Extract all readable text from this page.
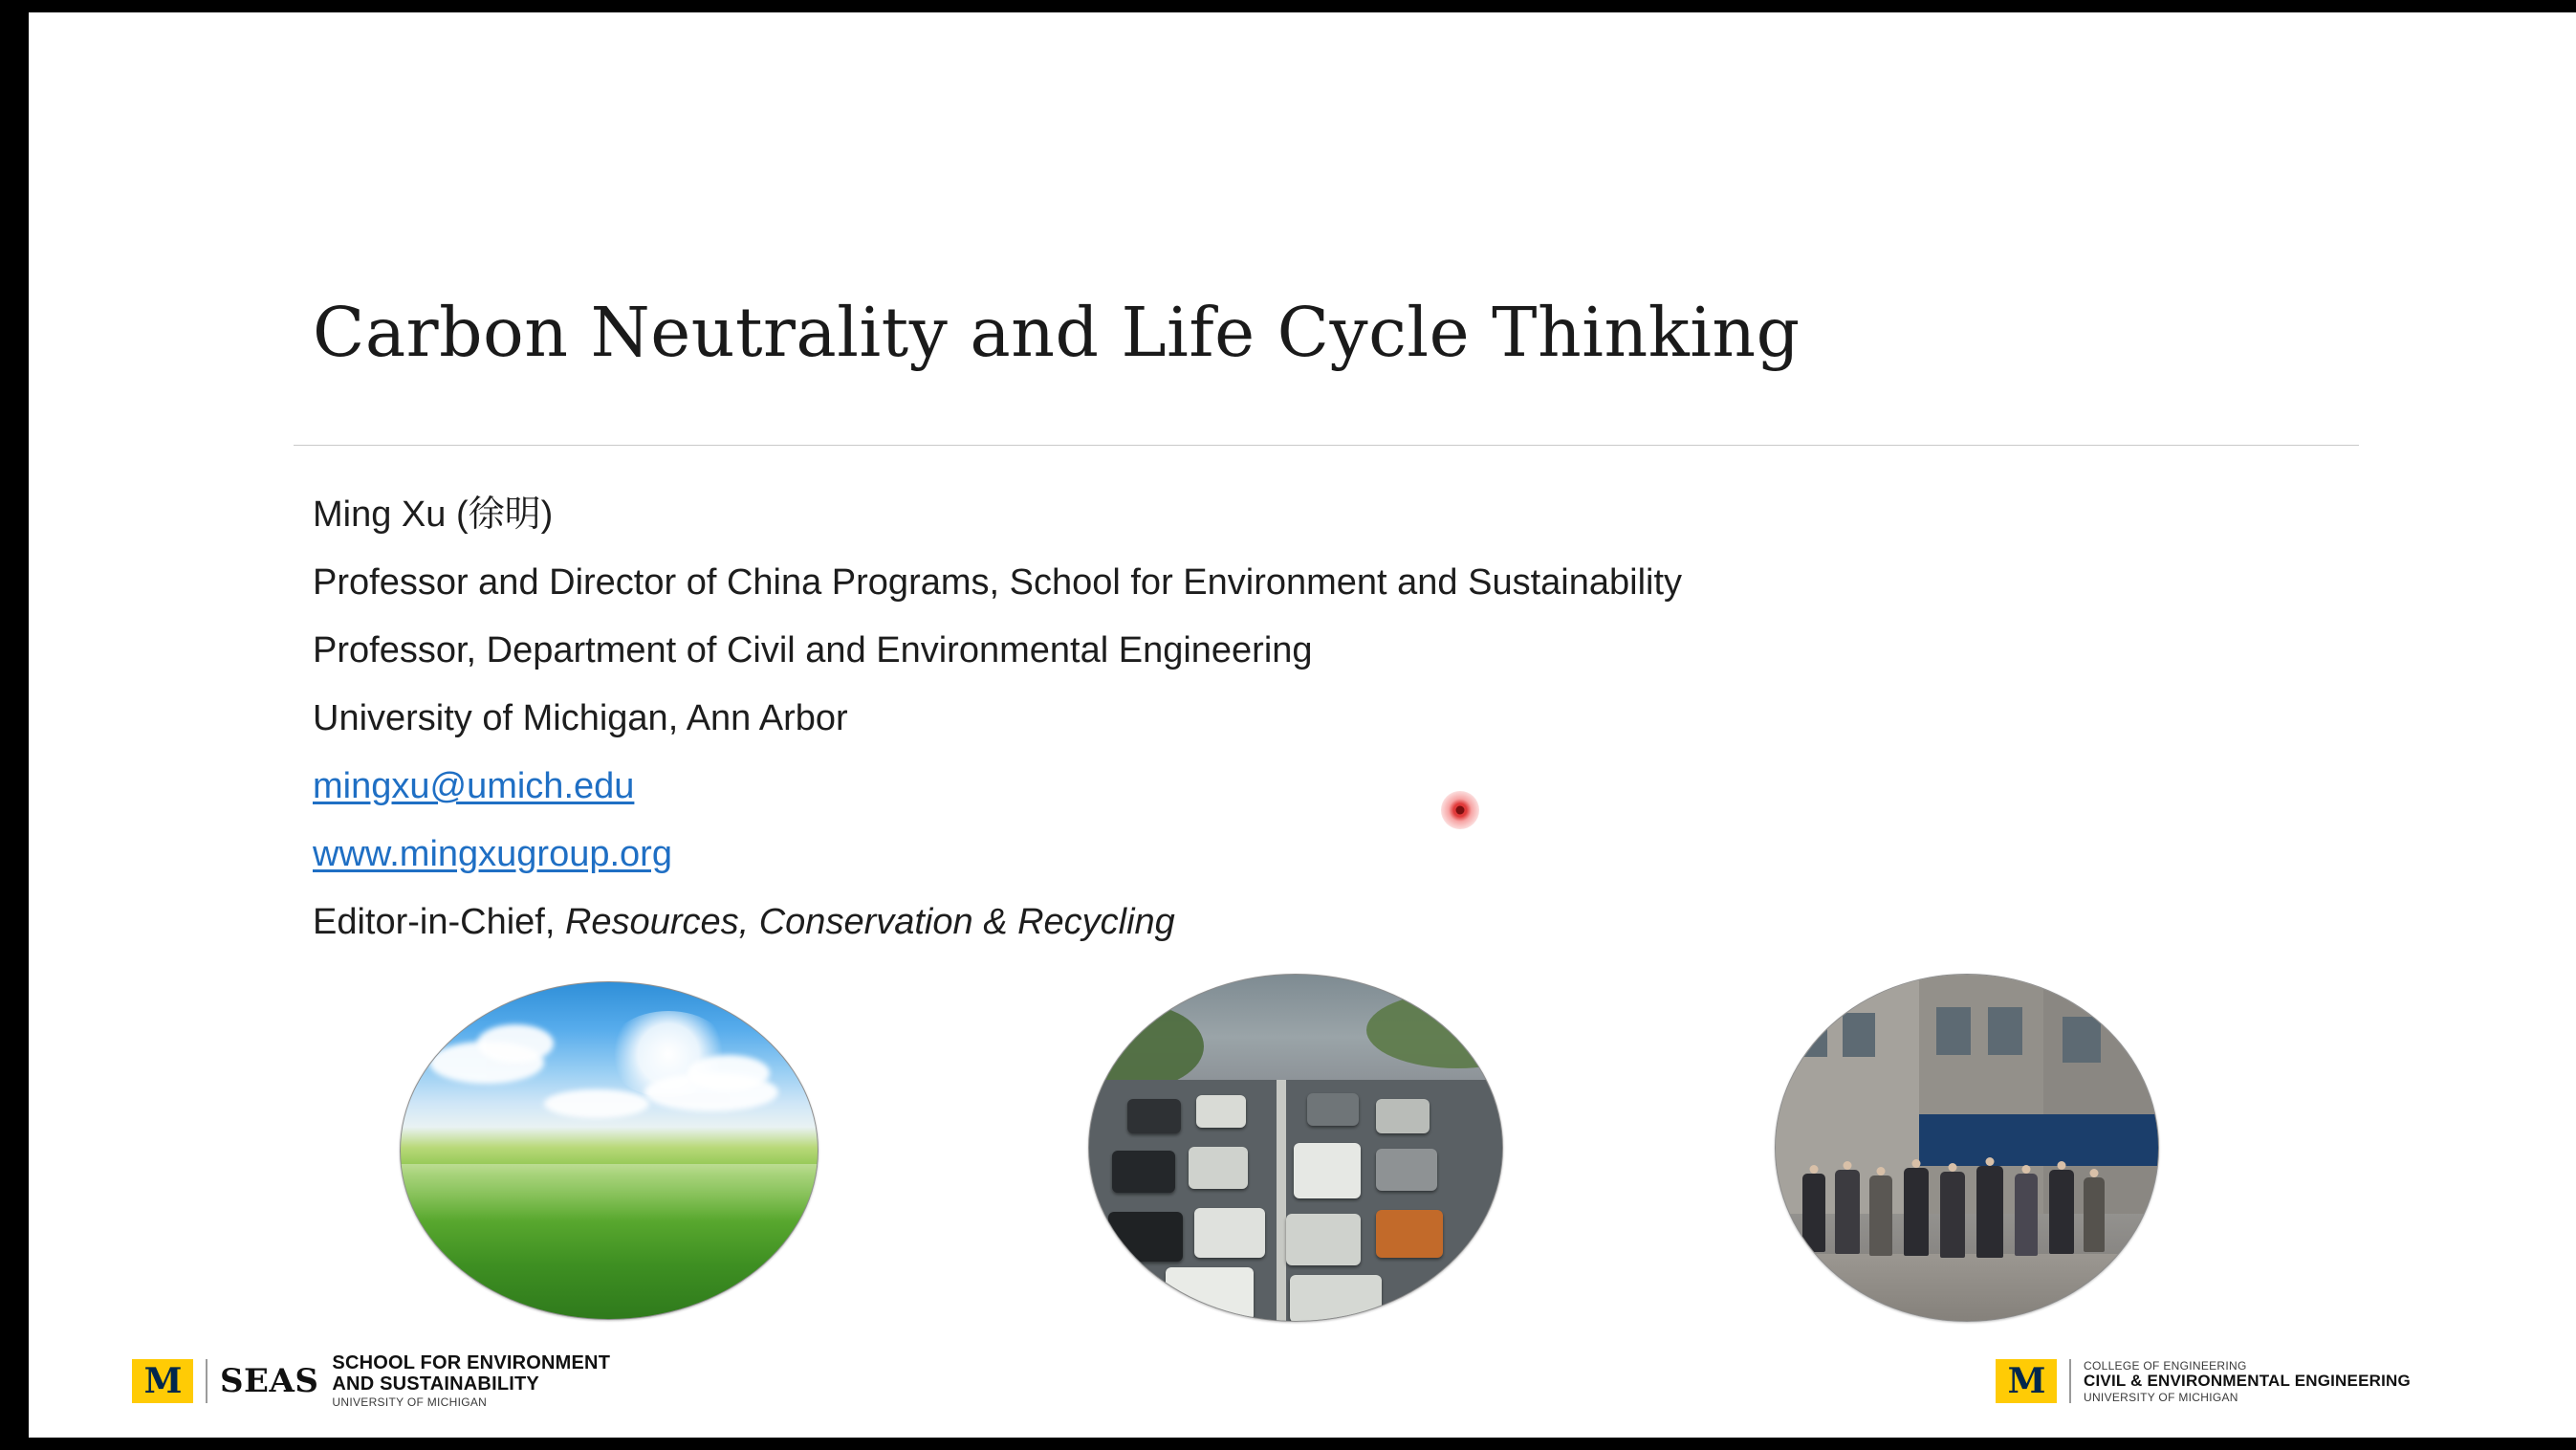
Carbon Neutrality and Life Cycle Thinking
Ming Xu (徐明)
Professor and Director of China Programs, School for Environment and Sustainability
Professor, Department of Civil and Environmental Engineering
University of Michigan, Ann Arbor
mingxu@umich.edu
www.mingxugroup.org
Editor-in-Chief, Resources, Conservation & Recycling
M	SEAS SCHOOL FOR ENVIRONMENT
AND SUSTAINABILITY
UNIVERSITY OF MICHIGAN
M	COLLEGE OF ENGINEERING
CIVIL & ENVIRONMENTAL ENGINEERING
UNIVERSITY OF MICHIGAN
